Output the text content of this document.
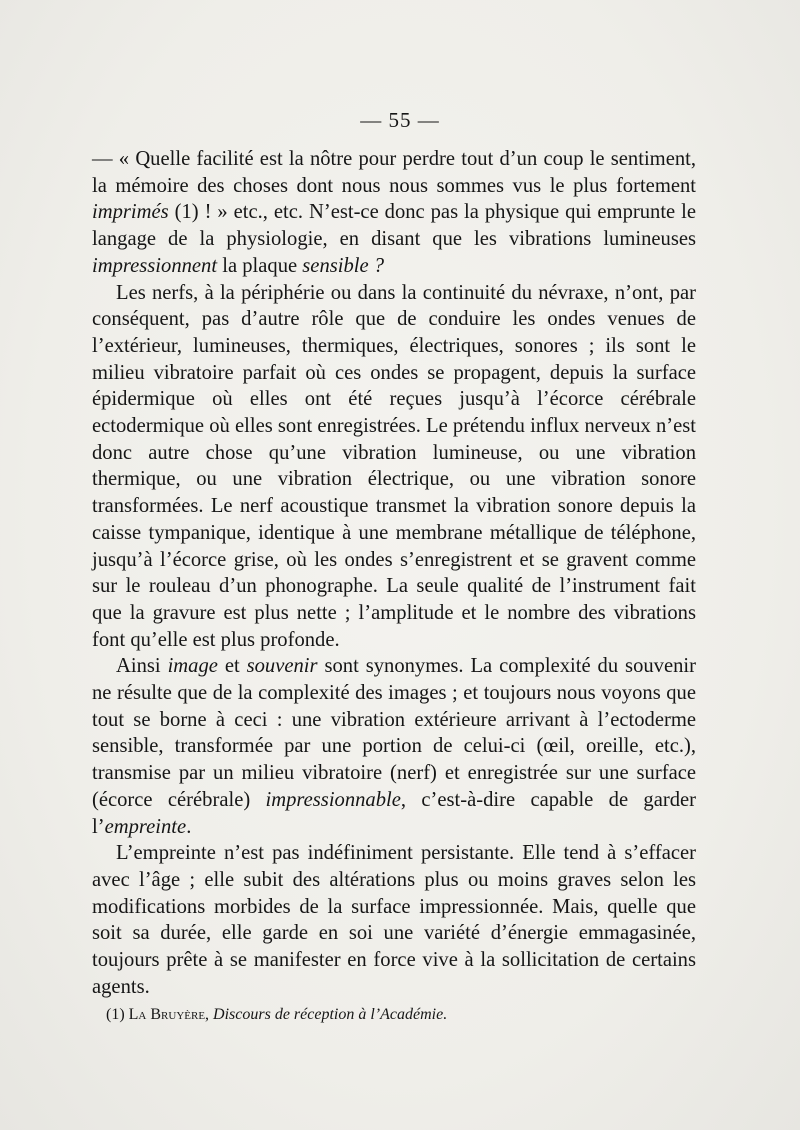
— 55 —

— « Quelle facilité est la nôtre pour perdre tout d’un coup le sentiment, la mémoire des choses dont nous nous sommes vus le plus fortement imprimés (1) ! » etc., etc. N’est-ce donc pas la physique qui emprunte le langage de la physiologie, en disant que les vibrations lumineuses impressionnent la plaque sensible ?

Les nerfs, à la périphérie ou dans la continuité du névraxe, n’ont, par conséquent, pas d’autre rôle que de conduire les ondes venues de l’extérieur, lumineuses, thermiques, électriques, sonores ; ils sont le milieu vibratoire parfait où ces ondes se propagent, depuis la surface épidermique où elles ont été reçues jusqu’à l’écorce cérébrale ectodermique où elles sont enregistrées. Le prétendu influx nerveux n’est donc autre chose qu’une vibration lumineuse, ou une vibration thermique, ou une vibration électrique, ou une vibration sonore transformées. Le nerf acoustique transmet la vibration sonore depuis la caisse tympanique, identique à une membrane métallique de téléphone, jusqu’à l’écorce grise, où les ondes s’enregistrent et se gravent comme sur le rouleau d’un phonographe. La seule qualité de l’instrument fait que la gravure est plus nette ; l’amplitude et le nombre des vibrations font qu’elle est plus profonde.

Ainsi image et souvenir sont synonymes. La complexité du souvenir ne résulte que de la complexité des images ; et toujours nous voyons que tout se borne à ceci : une vibration extérieure arrivant à l’ectoderme sensible, transformée par une portion de celui-ci (œil, oreille, etc.), transmise par un milieu vibratoire (nerf) et enregistrée sur une surface (écorce cérébrale) impressionnable, c’est-à-dire capable de garder l’empreinte.

L’empreinte n’est pas indéfiniment persistante. Elle tend à s’effacer avec l’âge ; elle subit des altérations plus ou moins graves selon les modifications morbides de la surface impressionnée. Mais, quelle que soit sa durée, elle garde en soi une variété d’énergie emmagasinée, toujours prête à se manifester en force vive à la sollicitation de certains agents.

(1) La Bruyère, Discours de réception à l’Académie.
